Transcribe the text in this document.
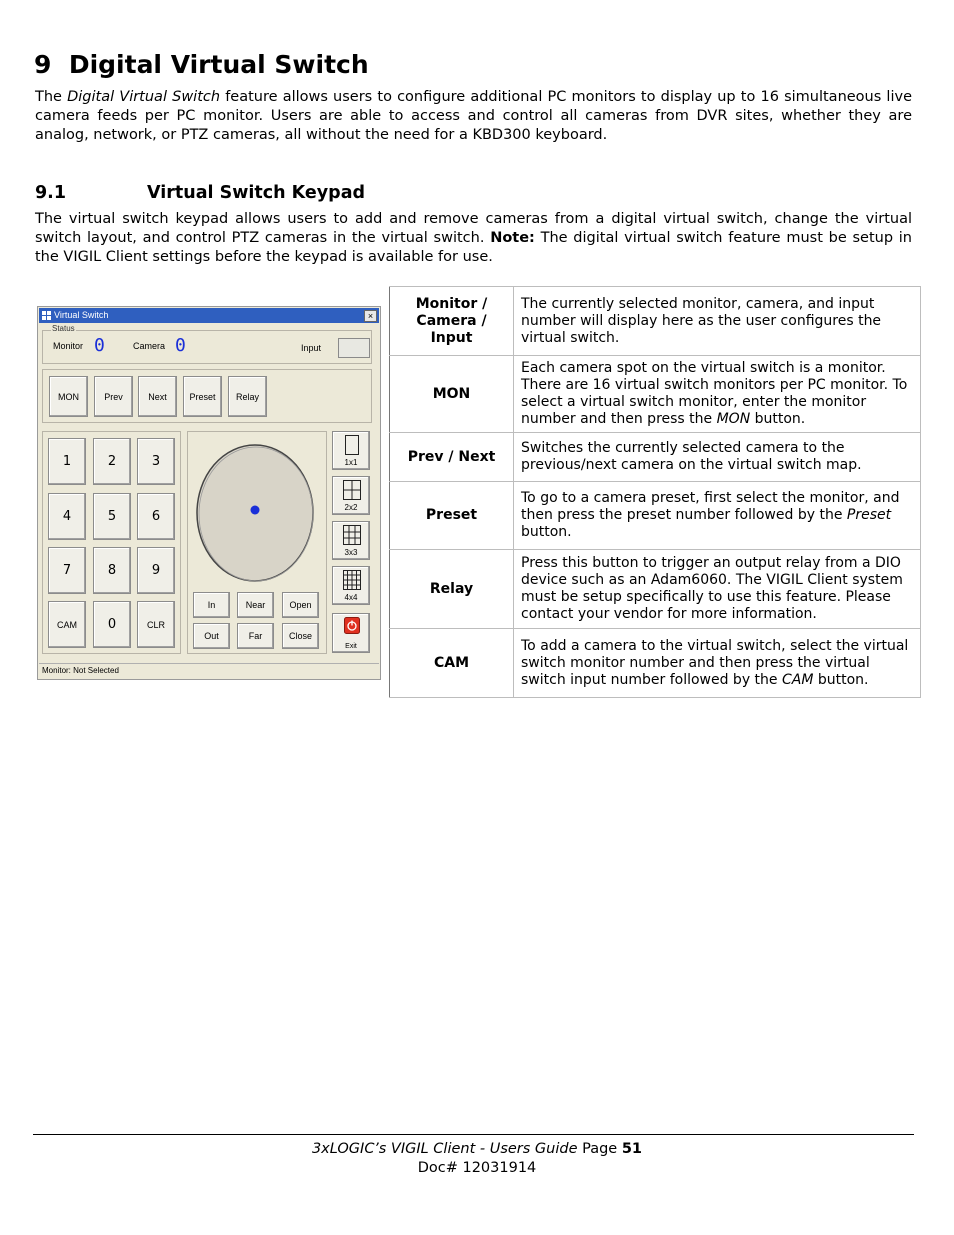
9 Digital Virtual Switch

The Digital Virtual Switch feature allows users to configure additional PC monitors to display up to 16 simultaneous live camera feeds per PC monitor. Users are able to access and control all cameras from DVR sites, whether they are analog, network, or PTZ cameras, all without the need for a KBD300 keyboard.

9.1	Virtual Switch Keypad

The virtual switch keypad allows users to add and remove cameras from a digital virtual switch, change the virtual switch layout, and control PTZ cameras in the virtual switch. Note: The digital virtual switch feature must be setup in the VIGIL Client settings before the keypad is available for use.

Virtual Switch	×
Status
Monitor 0	Camera 0	Input
MON	Prev	Next	Preset	Relay
1	2	3
4	5	6
7	8	9
CAM	0	CLR
In	Near	Open
Out	Far	Close
1x1
2x2
3x3
4x4
Exit
Monitor: Not Selected
Monitor / Camera / Input	The currently selected monitor, camera, and input number will display here as the user configures the virtual switch.
MON	Each camera spot on the virtual switch is a monitor. There are 16 virtual switch monitors per PC monitor. To select a virtual switch monitor, enter the monitor number and then press the MON button.
Prev / Next	Switches the currently selected camera to the previous/next camera on the virtual switch map.
Preset	To go to a camera preset, first select the monitor, and then press the preset number followed by the Preset button.
Relay	Press this button to trigger an output relay from a DIO device such as an Adam6060. The VIGIL Client system must be setup specifically to use this feature. Please contact your vendor for more information.
CAM	To add a camera to the virtual switch, select the virtual switch monitor number and then press the virtual switch input number followed by the CAM button.
3xLOGIC’s VIGIL Client - Users Guide Page 51
Doc# 12031914
